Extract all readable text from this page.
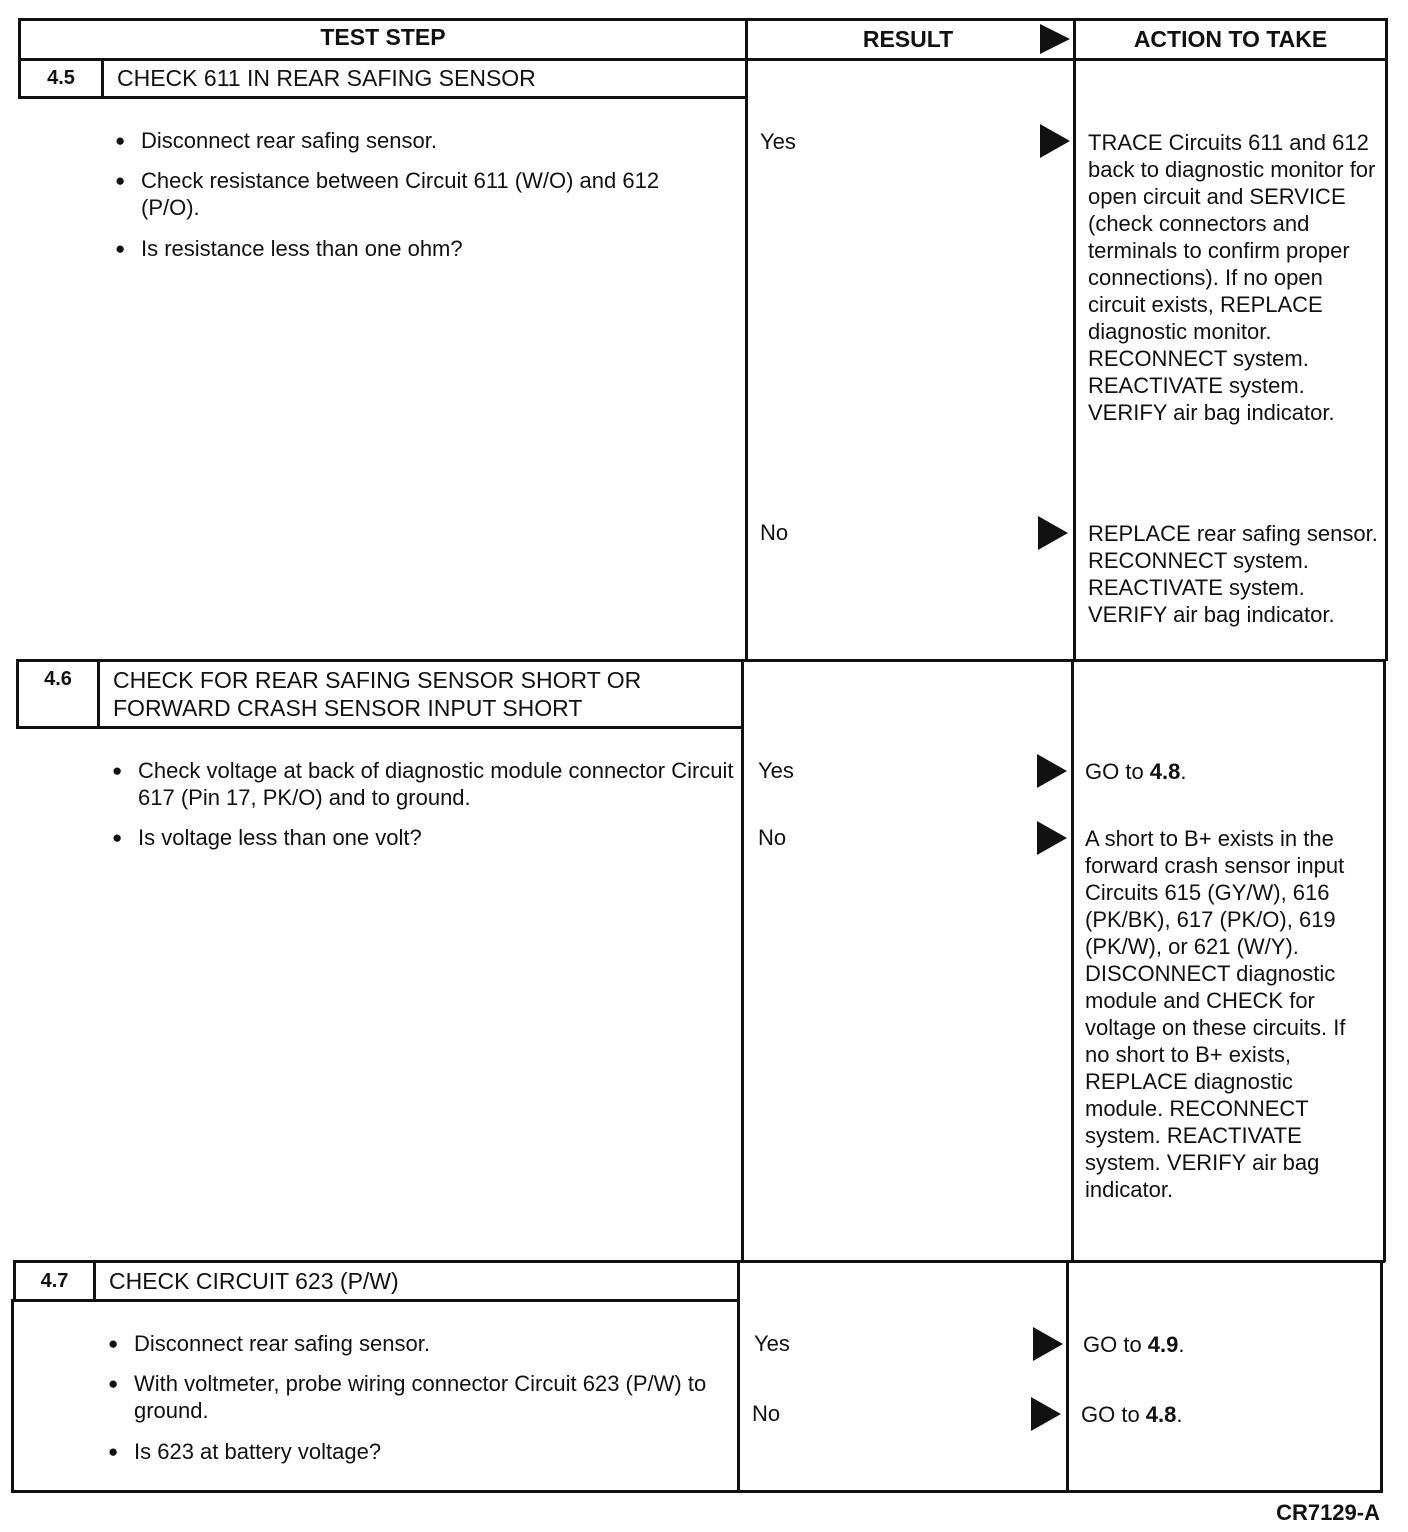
TEST STEP	RESULT	ACTION TO TAKE
4.5	CHECK 611 IN REAR SAFING SENSOR
● Disconnect rear safing sensor.
● Check resistance between Circuit 611 (W/O) and 612 (P/O).
● Is resistance less than one ohm?
Yes	TRACE Circuits 611 and 612 back to diagnostic monitor for open circuit and SERVICE (check connectors and terminals to confirm proper connections). If no open circuit exists, REPLACE diagnostic monitor. RECONNECT system. REACTIVATE system. VERIFY air bag indicator.
No	REPLACE rear safing sensor. RECONNECT system. REACTIVATE system. VERIFY air bag indicator.
4.6	CHECK FOR REAR SAFING SENSOR SHORT OR FORWARD CRASH SENSOR INPUT SHORT
● Check voltage at back of diagnostic module connector Circuit 617 (Pin 17, PK/O) and to ground.
● Is voltage less than one volt?
Yes	GO to 4.8.
No	A short to B+ exists in the forward crash sensor input Circuits 615 (GY/W), 616 (PK/BK), 617 (PK/O), 619 (PK/W), or 621 (W/Y). DISCONNECT diagnostic module and CHECK for voltage on these circuits. If no short to B+ exists, REPLACE diagnostic module. RECONNECT system. REACTIVATE system. VERIFY air bag indicator.
4.7	CHECK CIRCUIT 623 (P/W)
● Disconnect rear safing sensor.
● With voltmeter, probe wiring connector Circuit 623 (P/W) to ground.
● Is 623 at battery voltage?
Yes	GO to 4.9.
No	GO to 4.8.
CR7129-A
